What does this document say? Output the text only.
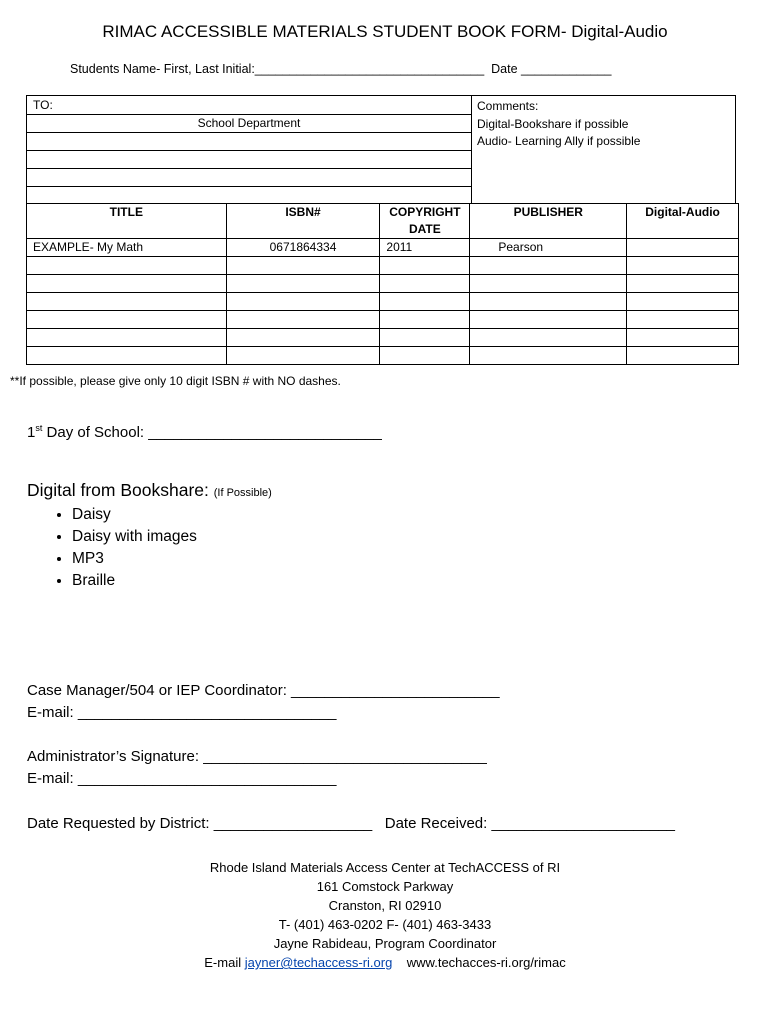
RIMAC ACCESSIBLE MATERIALS STUDENT BOOK FORM- Digital-Audio
Students Name- First, Last Initial:_________________________________  Date _____________
TO:
School Department
Comments:
Digital-Bookshare if possible
Audio- Learning Ally if possible
TITLE	ISBN#	COPYRIGHT DATE	PUBLISHER	Digital-Audio
EXAMPLE- My Math	0671864334	2011	Pearson	

**If possible, please give only 10 digit ISBN # with NO dashes.
1st Day of School: ____________________________
Digital from Bookshare: (If Possible)
• Daisy
• Daisy with images
• MP3
• Braille
Case Manager/504 or IEP Coordinator: _________________________
E-mail: _______________________________
Administrator’s Signature: __________________________________
E-mail: _______________________________
Date Requested by District: ___________________   Date Received: ______________________
Rhode Island Materials Access Center at TechACCESS of RI
161 Comstock Parkway
Cranston, RI 02910
T- (401) 463-0202 F- (401) 463-3433
Jayne Rabideau, Program Coordinator
E-mail jayner@techaccess-ri.org www.techacces-ri.org/rimac
